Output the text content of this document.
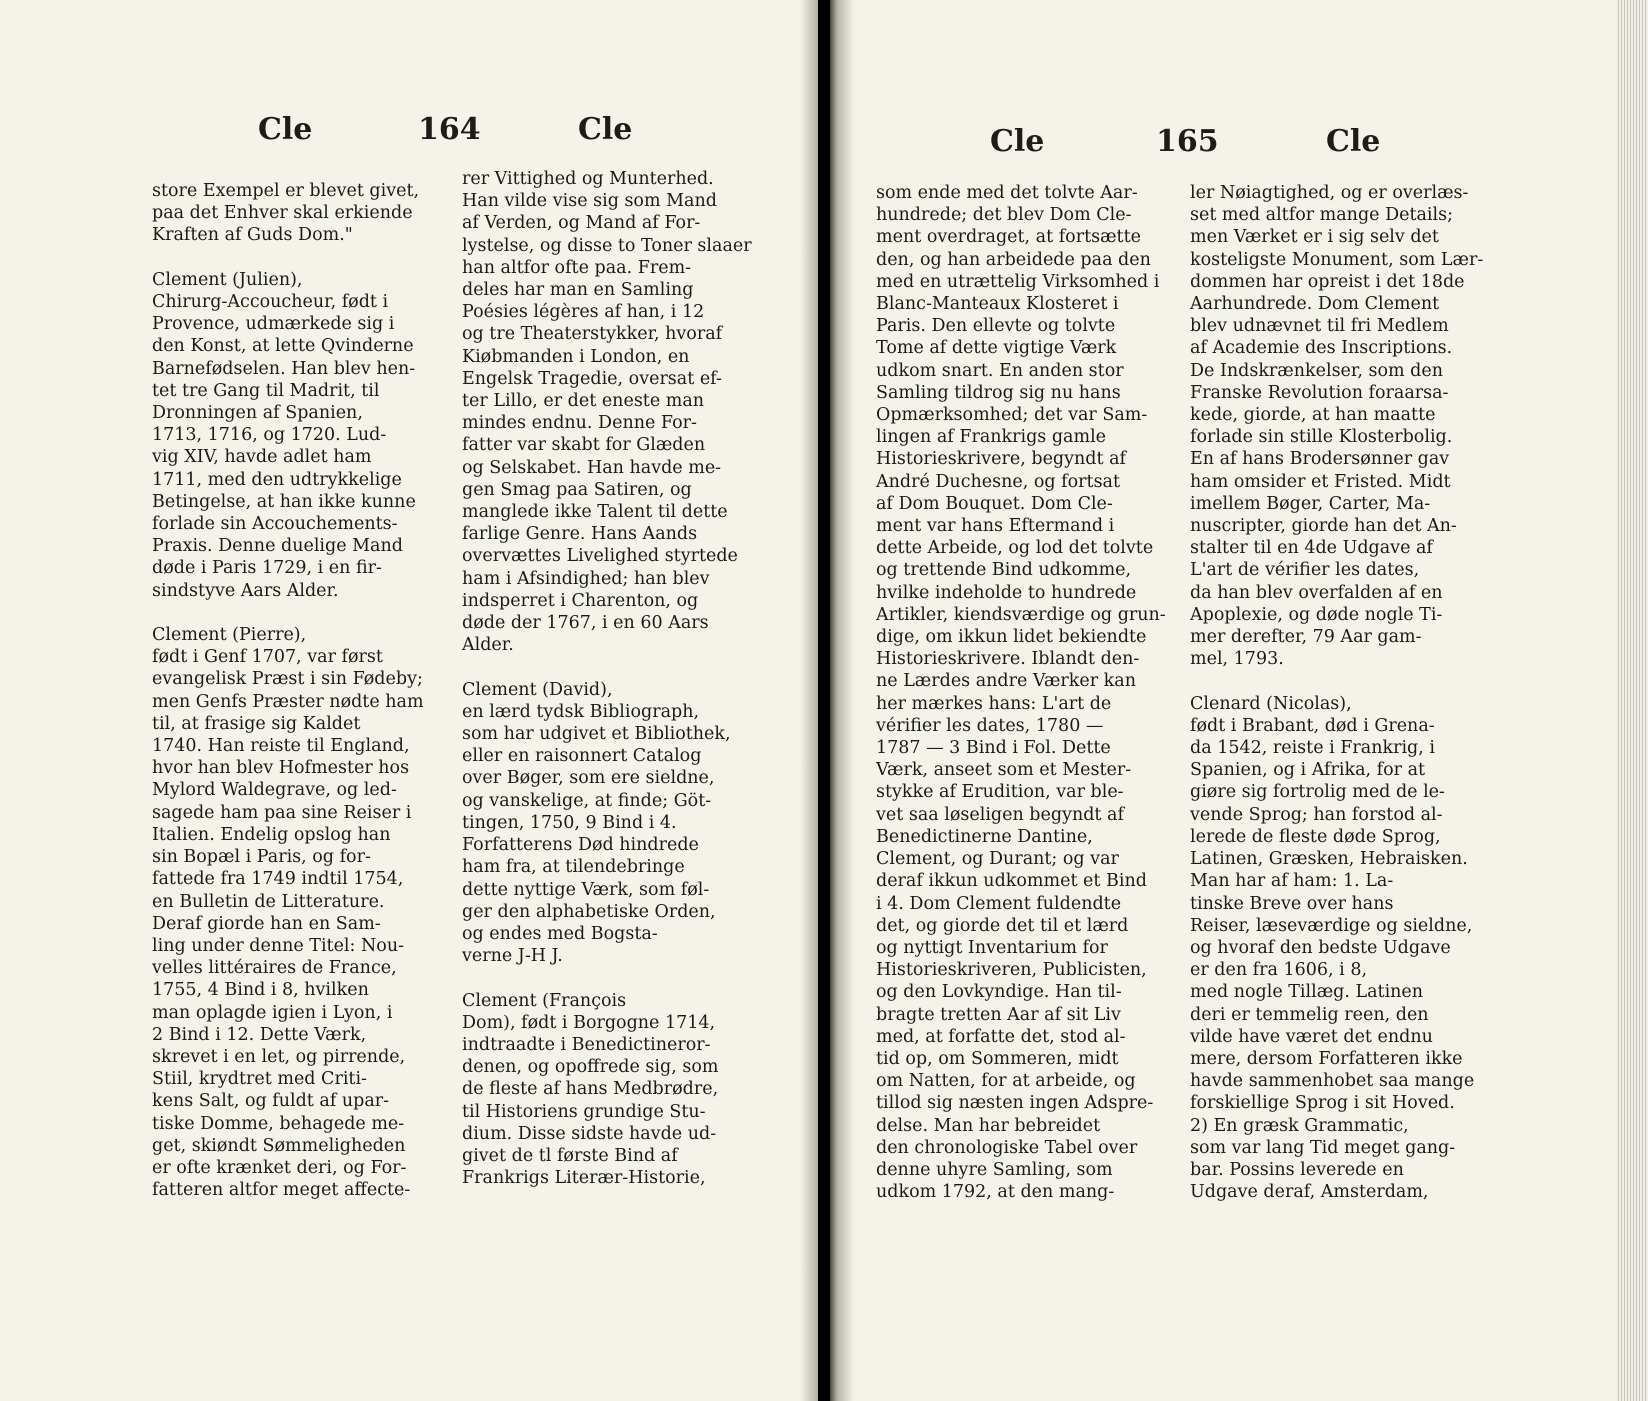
Cle	164	Cle
store Exempel er blevet givet,
paa det Enhver skal erkiende
Kraften af Guds Dom."

Clement (Julien),
Chirurg-Accoucheur, født i
Provence, udmærkede sig i
den Konst, at lette Qvinderne
Barnefødselen. Han blev hen-
tet tre Gang til Madrit, til
Dronningen af Spanien,
1713, 1716, og 1720. Lud-
vig XIV, havde adlet ham
1711, med den udtrykkelige
Betingelse, at han ikke kunne
forlade sin Accouchements-
Praxis. Denne duelige Mand
døde i Paris 1729, i en fir-
sindstyve Aars Alder.

Clement (Pierre),
født i Genf 1707, var først
evangelisk Præst i sin Fødeby;
men Genfs Præster nødte ham
til, at frasige sig Kaldet
1740. Han reiste til England,
hvor han blev Hofmester hos
Mylord Waldegrave, og led-
sagede ham paa sine Reiser i
Italien. Endelig opslog han
sin Bopæl i Paris, og for-
fattede fra 1749 indtil 1754,
en Bulletin de Litterature.
Deraf giorde han en Sam-
ling under denne Titel: Nou-
velles littéraires de France,
1755, 4 Bind i 8, hvilken
man oplagde igien i Lyon, i
2 Bind i 12. Dette Værk,
skrevet i en let, og pirrende,
Stiil, krydtret med Criti-
kens Salt, og fuldt af upar-
tiske Domme, behagede me-
get, skiøndt Sømmeligheden
er ofte krænket deri, og For-
fatteren altfor meget affecte-
rer Vittighed og Munterhed.
Han vilde vise sig som Mand
af Verden, og Mand af For-
lystelse, og disse to Toner slaaer
han altfor ofte paa. Frem-
deles har man en Samling
Poésies légères af han, i 12
og tre Theaterstykker, hvoraf
Kiøbmanden i London, en
Engelsk Tragedie, oversat ef-
ter Lillo, er det eneste man
mindes endnu. Denne For-
fatter var skabt for Glæden
og Selskabet. Han havde me-
gen Smag paa Satiren, og
manglede ikke Talent til dette
farlige Genre. Hans Aands
overvættes Livelighed styrtede
ham i Afsindighed; han blev
indsperret i Charenton, og
døde der 1767, i en 60 Aars
Alder.

Clement (David),
en lærd tydsk Bibliograph,
som har udgivet et Bibliothek,
eller en raisonnert Catalog
over Bøger, som ere sieldne,
og vanskelige, at finde; Göt-
tingen, 1750, 9 Bind i 4.
Forfatterens Død hindrede
ham fra, at tilendebringe
dette nyttige Værk, som føl-
ger den alphabetiske Orden,
og endes med Bogsta-
verne J-H J.

Clement (François
Dom), født i Borgogne 1714,
indtraadte i Benedictineror-
denen, og opoffrede sig, som
de fleste af hans Medbrødre,
til Historiens grundige Stu-
dium. Disse sidste havde ud-
givet de tl første Bind af
Frankrigs Literær-Historie,
Cle	165	Cle
som ende med det tolvte Aar-
hundrede; det blev Dom Cle-
ment overdraget, at fortsætte
den, og han arbeidede paa den
med en utrættelig Virksomhed i
Blanc-Manteaux Klosteret i
Paris. Den ellevte og tolvte
Tome af dette vigtige Værk
udkom snart. En anden stor
Samling tildrog sig nu hans
Opmærksomhed; det var Sam-
lingen af Frankrigs gamle
Historieskrivere, begyndt af
André Duchesne, og fortsat
af Dom Bouquet. Dom Cle-
ment var hans Eftermand i
dette Arbeide, og lod det tolvte
og trettende Bind udkomme,
hvilke indeholde to hundrede
Artikler, kiendsværdige og grun-
dige, om ikkun lidet bekiendte
Historieskrivere. Iblandt den-
ne Lærdes andre Værker kan
her mærkes hans: L'art de
vérifier les dates, 1780 —
1787 — 3 Bind i Fol. Dette
Værk, anseet som et Mester-
stykke af Erudition, var ble-
vet saa løseligen begyndt af
Benedictinerne Dantine,
Clement, og Durant; og var
deraf ikkun udkommet et Bind
i 4. Dom Clement fuldendte
det, og giorde det til et lærd
og nyttigt Inventarium for
Historieskriveren, Publicisten,
og den Lovkyndige. Han til-
bragte tretten Aar af sit Liv
med, at forfatte det, stod al-
tid op, om Sommeren, midt
om Natten, for at arbeide, og
tillod sig næsten ingen Adspre-
delse. Man har bebreidet
den chronologiske Tabel over
denne uhyre Samling, som
udkom 1792, at den mang-
ler Nøiagtighed, og er overlæs-
set med altfor mange Details;
men Værket er i sig selv det
kosteligste Monument, som Lær-
dommen har opreist i det 18de
Aarhundrede. Dom Clement
blev udnævnet til fri Medlem
af Academie des Inscriptions.
De Indskrænkelser, som den
Franske Revolution foraarsa-
kede, giorde, at han maatte
forlade sin stille Klosterbolig.
En af hans Brodersønner gav
ham omsider et Fristed. Midt
imellem Bøger, Carter, Ma-
nuscripter, giorde han det An-
stalter til en 4de Udgave af
L'art de vérifier les dates,
da han blev overfalden af en
Apoplexie, og døde nogle Ti-
mer derefter, 79 Aar gam-
mel, 1793.

Clenard (Nicolas),
født i Brabant, død i Grena-
da 1542, reiste i Frankrig, i
Spanien, og i Afrika, for at
giøre sig fortrolig med de le-
vende Sprog; han forstod al-
lerede de fleste døde Sprog,
Latinen, Græsken, Hebraisken.
Man har af ham: 1. La-
tinske Breve over hans
Reiser, læseværdige og sieldne,
og hvoraf den bedste Udgave
er den fra 1606, i 8,
med nogle Tillæg. Latinen
deri er temmelig reen, den
vilde have været det endnu
mere, dersom Forfatteren ikke
havde sammenhobet saa mange
forskiellige Sprog i sit Hoved.
2) En græsk Grammatic,
som var lang Tid meget gang-
bar. Possins leverede en
Udgave deraf, Amsterdam,
